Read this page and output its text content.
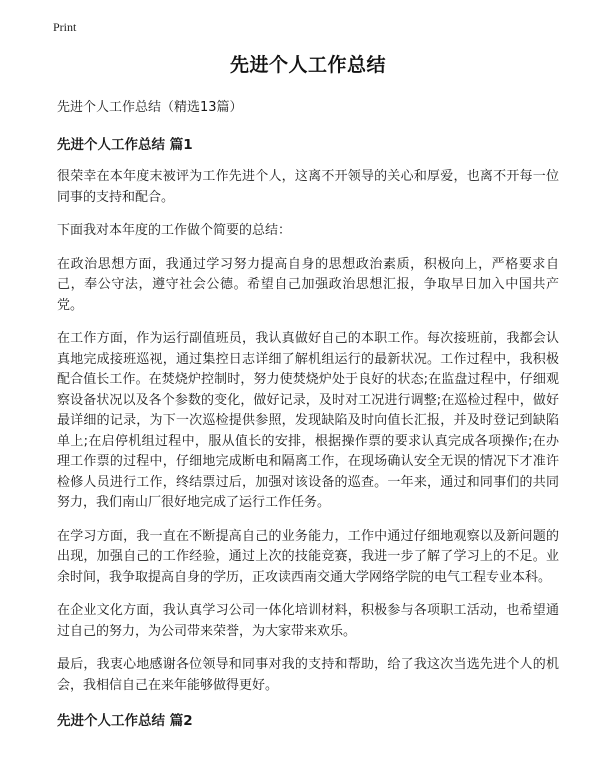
Print
先进个人工作总结
先进个人工作总结（精选13篇）
先进个人工作总结 篇1
很荣幸在本年度末被评为工作先进个人，这离不开领导的关心和厚爱，也离不开每一位同事的支持和配合。
下面我对本年度的工作做个简要的总结：
在政治思想方面，我通过学习努力提高自身的思想政治素质，积极向上，严格要求自己，奉公守法，遵守社会公德。希望自己加强政治思想汇报，争取早日加入中国共产党。
在工作方面，作为运行副值班员，我认真做好自己的本职工作。每次接班前，我都会认真地完成接班巡视，通过集控日志详细了解机组运行的最新状况。工作过程中，我积极配合值长工作。在焚烧炉控制时，努力使焚烧炉处于良好的状态;在监盘过程中，仔细观察设备状况以及各个参数的变化，做好记录，及时对工况进行调整;在巡检过程中，做好最详细的记录，为下一次巡检提供参照，发现缺陷及时向值长汇报，并及时登记到缺陷单上;在启停机组过程中，服从值长的安排，根据操作票的要求认真完成各项操作;在办理工作票的过程中，仔细地完成断电和隔离工作，在现场确认安全无误的情况下才准许检修人员进行工作，终结票过后，加强对该设备的巡查。一年来，通过和同事们的共同努力，我们南山厂很好地完成了运行工作任务。
在学习方面，我一直在不断提高自己的业务能力，工作中通过仔细地观察以及新问题的出现，加强自己的工作经验，通过上次的技能竞赛，我进一步了解了学习上的不足。业余时间，我争取提高自身的学历，正攻读西南交通大学网络学院的电气工程专业本科。
在企业文化方面，我认真学习公司一体化培训材料，积极参与各项职工活动，也希望通过自己的努力，为公司带来荣誉，为大家带来欢乐。
最后，我衷心地感谢各位领导和同事对我的支持和帮助，给了我这次当选先进个人的机会，我相信自己在来年能够做得更好。
先进个人工作总结 篇2
